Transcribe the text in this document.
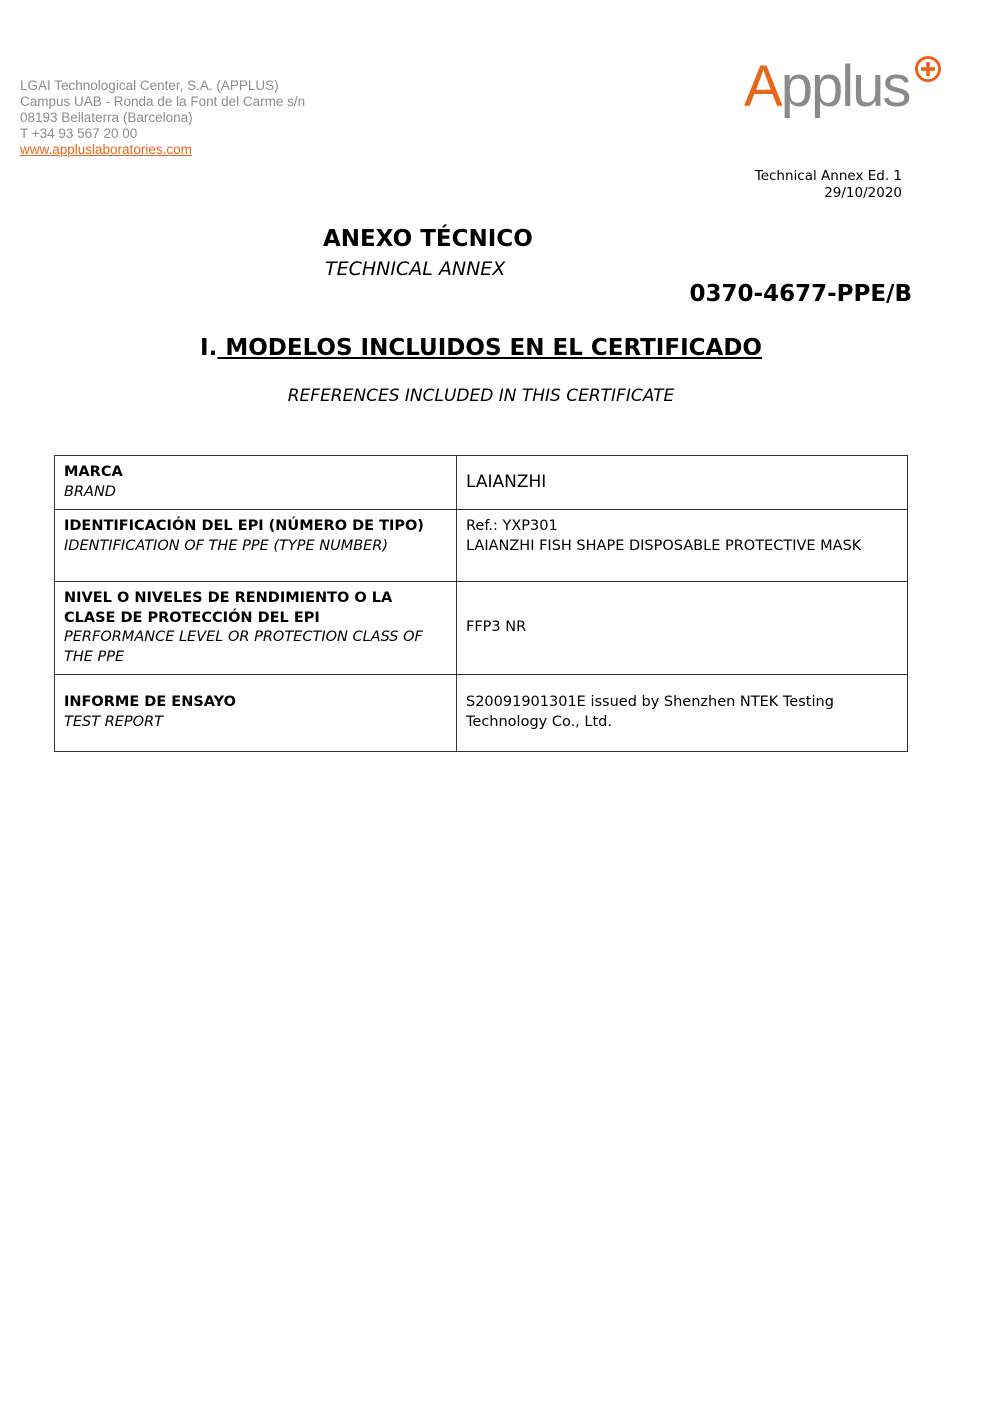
LGAI Technological Center, S.A. (APPLUS)
Campus UAB - Ronda de la Font del Carme s/n
08193 Bellaterra (Barcelona)
T +34 93 567 20 00
www.appluslaboratories.com
Applus
Technical Annex Ed. 1
29/10/2020
ANEXO TÉCNICO
TECHNICAL ANNEX
0370-4677-PPE/B
I. MODELOS INCLUIDOS EN EL CERTIFICADO
REFERENCES INCLUDED IN THIS CERTIFICATE
MARCA
BRAND	LAIANZHI

IDENTIFICACIÓN DEL EPI (NÚMERO DE TIPO)
IDENTIFICATION OF THE PPE (TYPE NUMBER)	Ref.: YXP301
LAIANZHI FISH SHAPE DISPOSABLE PROTECTIVE MASK

NIVEL O NIVELES DE RENDIMIENTO O LA CLASE DE PROTECCIÓN DEL EPI
PERFORMANCE LEVEL OR PROTECTION CLASS OF THE PPE	FFP3 NR

INFORME DE ENSAYO
TEST REPORT	S20091901301E issued by Shenzhen NTEK Testing Technology Co., Ltd.
